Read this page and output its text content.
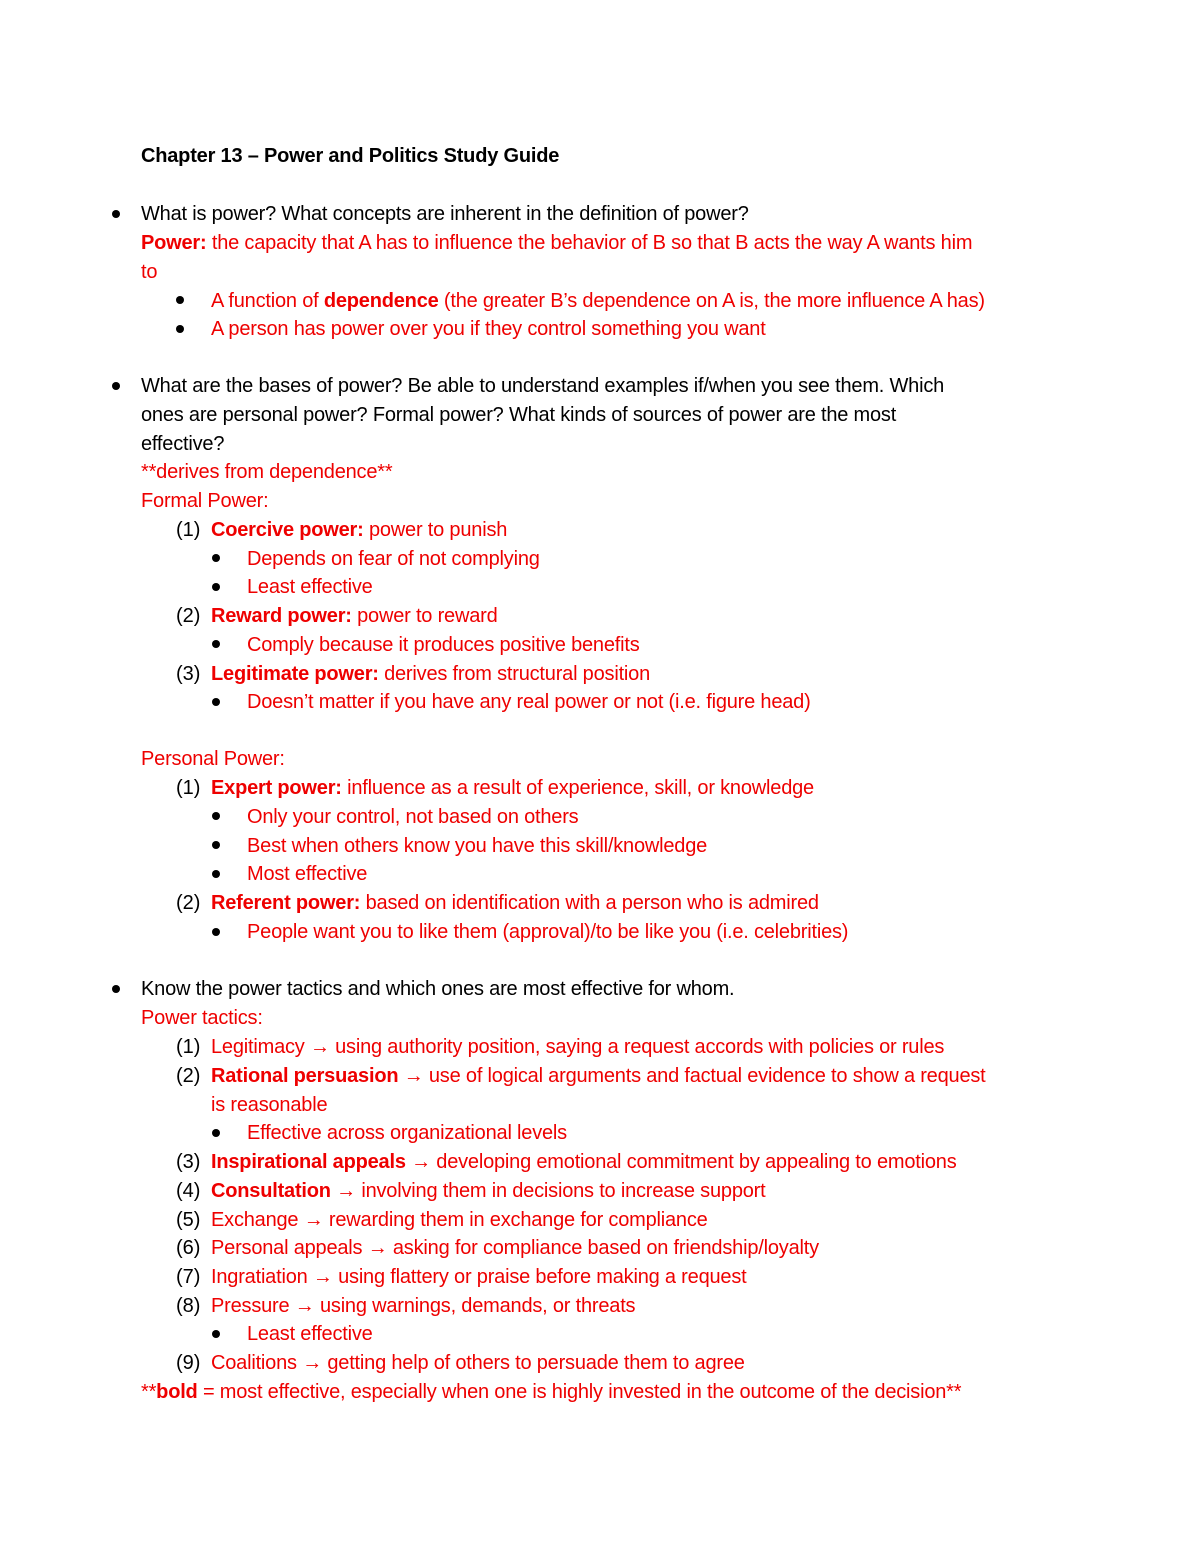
Chapter 13 – Power and Politics Study Guide
What is power? What concepts are inherent in the definition of power?
Power: the capacity that A has to influence the behavior of B so that B acts the way A wants him
to
A function of dependence (the greater B’s dependence on A is, the more influence A has)
A person has power over you if they control something you want
What are the bases of power? Be able to understand examples if/when you see them. Which
ones are personal power? Formal power? What kinds of sources of power are the most
effective?
**derives from dependence**
Formal Power:
(1) Coercive power: power to punish
Depends on fear of not complying
Least effective
(2) Reward power: power to reward
Comply because it produces positive benefits
(3) Legitimate power: derives from structural position
Doesn’t matter if you have any real power or not (i.e. figure head)
Personal Power:
(1) Expert power: influence as a result of experience, skill, or knowledge
Only your control, not based on others
Best when others know you have this skill/knowledge
Most effective
(2) Referent power: based on identification with a person who is admired
People want you to like them (approval)/to be like you (i.e. celebrities)
Know the power tactics and which ones are most effective for whom.
Power tactics:
(1) Legitimacy → using authority position, saying a request accords with policies or rules
(2) Rational persuasion → use of logical arguments and factual evidence to show a request
is reasonable
Effective across organizational levels
(3) Inspirational appeals → developing emotional commitment by appealing to emotions
(4) Consultation → involving them in decisions to increase support
(5) Exchange → rewarding them in exchange for compliance
(6) Personal appeals → asking for compliance based on friendship/loyalty
(7) Ingratiation → using flattery or praise before making a request
(8) Pressure → using warnings, demands, or threats
Least effective
(9) Coalitions → getting help of others to persuade them to agree
**bold = most effective, especially when one is highly invested in the outcome of the decision**
